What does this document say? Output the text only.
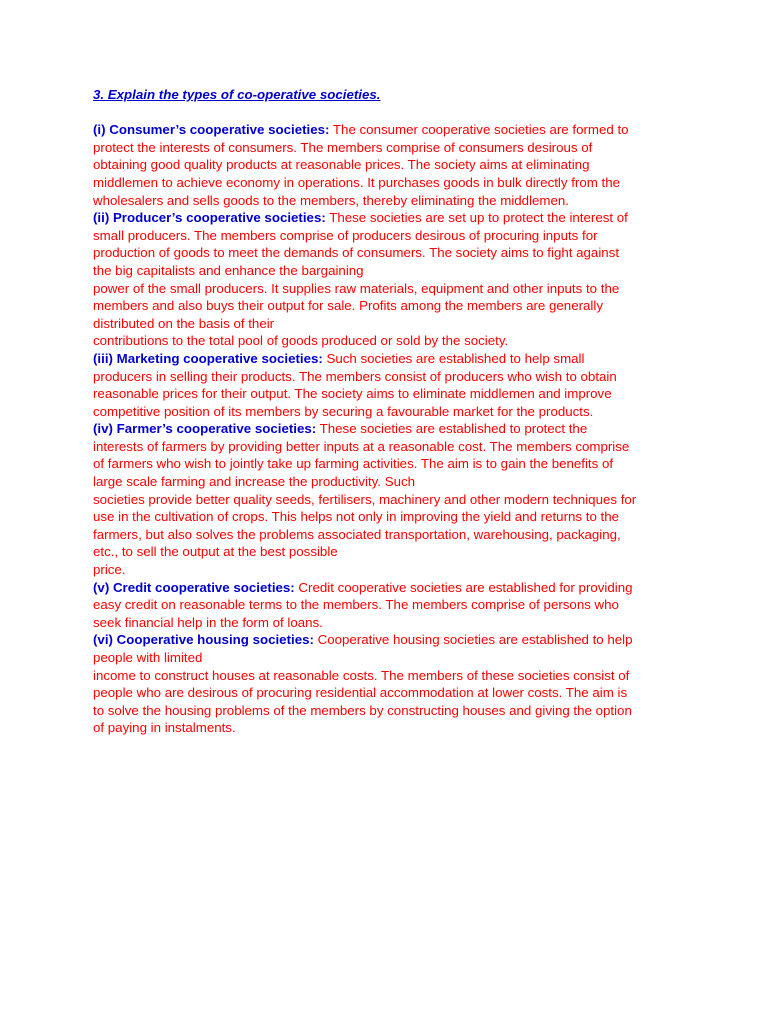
3. Explain the types of co-operative societies.
(i) Consumer’s cooperative societies: The consumer cooperative societies are formed to
protect the interests of consumers. The members comprise of consumers desirous of
obtaining good quality products at reasonable prices. The society aims at eliminating
middlemen to achieve economy in operations. It purchases goods in bulk directly from the
wholesalers and sells goods to the members, thereby eliminating the middlemen.
(ii) Producer’s cooperative societies: These societies are set up to protect the interest of
small producers. The members comprise of producers desirous of procuring inputs for
production of goods to meet the demands of consumers. The society aims to fight against
the big capitalists and enhance the bargaining
power of the small producers. It supplies raw materials, equipment and other inputs to the
members and also buys their output for sale. Profits among the members are generally
distributed on the basis of their
contributions to the total pool of goods produced or sold by the society.
(iii) Marketing cooperative societies: Such societies are established to help small
producers in selling their products. The members consist of producers who wish to obtain
reasonable prices for their output. The society aims to eliminate middlemen and improve
competitive position of its members by securing a favourable market for the products.
(iv) Farmer’s cooperative societies: These societies are established to protect the
interests of farmers by providing better inputs at a reasonable cost. The members comprise
of farmers who wish to jointly take up farming activities. The aim is to gain the benefits of
large scale farming and increase the productivity. Such
societies provide better quality seeds, fertilisers, machinery and other modern techniques for
use in the cultivation of crops. This helps not only in improving the yield and returns to the
farmers, but also solves the problems associated transportation, warehousing, packaging,
etc., to sell the output at the best possible
price.
(v) Credit cooperative societies: Credit cooperative societies are established for providing
easy credit on reasonable terms to the members. The members comprise of persons who
seek financial help in the form of loans.
(vi) Cooperative housing societies: Cooperative housing societies are established to help
people with limited
income to construct houses at reasonable costs. The members of these societies consist of
people who are desirous of procuring residential accommodation at lower costs. The aim is
to solve the housing problems of the members by constructing houses and giving the option
of paying in instalments.
